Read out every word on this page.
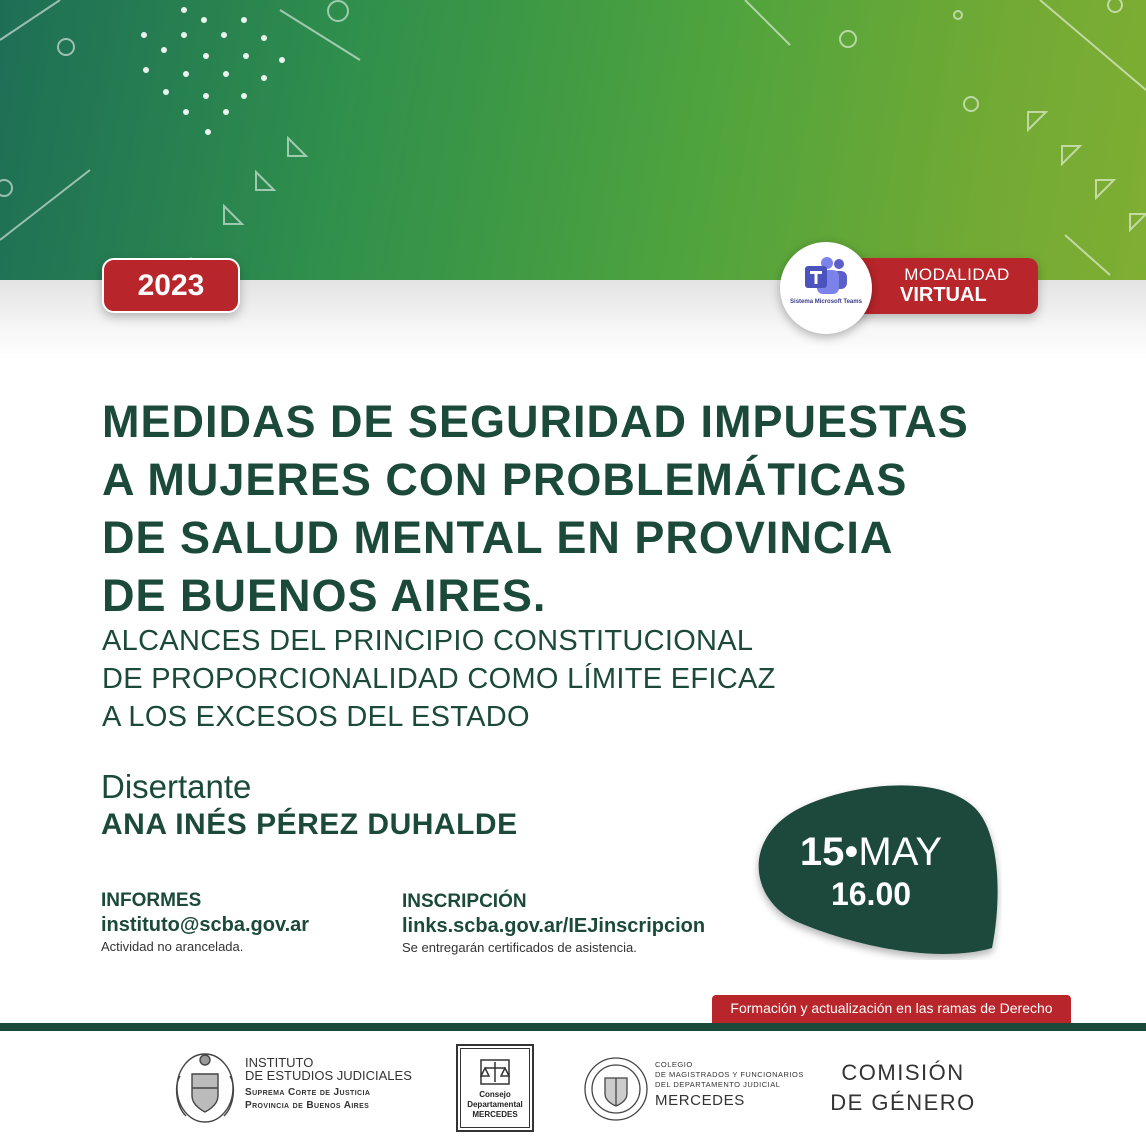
2023	MODALIDAD
VIRTUAL
Sistema Microsoft Teams
MEDIDAS DE SEGURIDAD IMPUESTAS
A MUJERES CON PROBLEMÁTICAS
DE SALUD MENTAL EN PROVINCIA
DE BUENOS AIRES.
ALCANCES DEL PRINCIPIO CONSTITUCIONAL
DE PROPORCIONALIDAD COMO LÍMITE EFICAZ
A LOS EXCESOS DEL ESTADO
Disertante
ANA INÉS PÉREZ DUHALDE
INFORMES
instituto@scba.gov.ar
Actividad no arancelada.
INSCRIPCIÓN
links.scba.gov.ar/IEJinscripcion
Se entregarán certificados de asistencia.
15•MAY
16.00
Formación y actualización en las ramas de Derecho
INSTITUTO
DE ESTUDIOS JUDICIALES
Suprema Corte de Justicia
Provincia de Buenos Aires
Consejo
Departamental
MERCEDES
COLEGIO
DE MAGISTRADOS Y FUNCIONARIOS
DEL DEPARTAMENTO JUDICIAL
MERCEDES
COMISIÓN
DE GÉNERO
